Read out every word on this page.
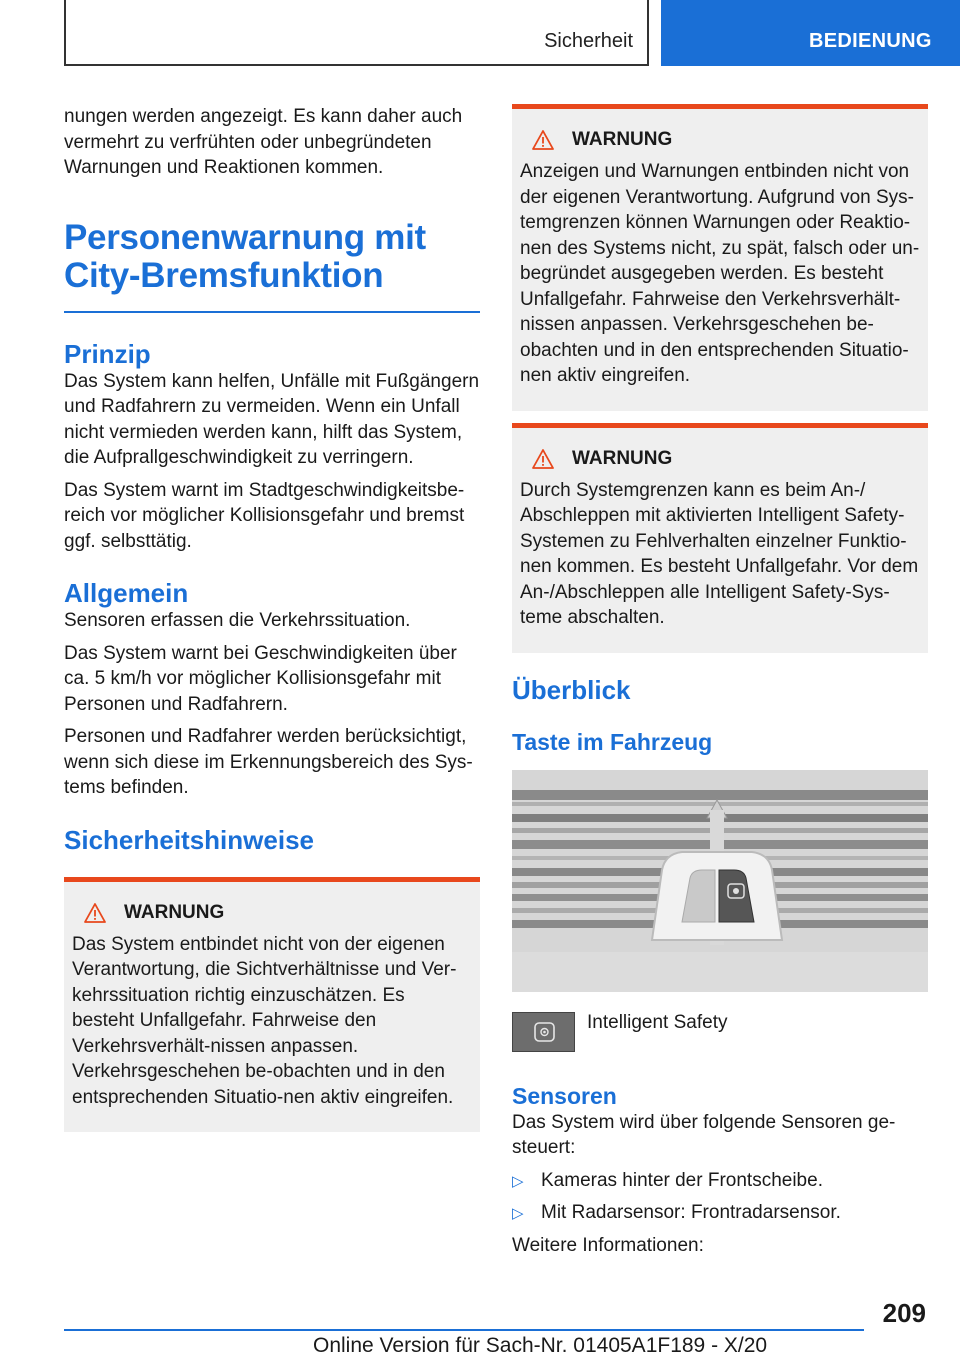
Sicherheit	BEDIENUNG

nungen werden angezeigt. Es kann daher auch vermehrt zu verfrühten oder unbegründeten Warnungen und Reaktionen kommen.

Personenwarnung mit City-Bremsfunktion
Prinzip

Das System kann helfen, Unfälle mit Fußgängern und Radfahrern zu vermeiden. Wenn ein Unfall nicht vermieden werden kann, hilft das System, die Aufprallgeschwindigkeit zu verringern.

Das System warnt im Stadtgeschwindigkeitsbe-reich vor möglicher Kollisionsgefahr und bremst ggf. selbsttätig.

Allgemein

Sensoren erfassen die Verkehrssituation.

Das System warnt bei Geschwindigkeiten über ca. 5 km/h vor möglicher Kollisionsgefahr mit Personen und Radfahrern.

Personen und Radfahrer werden berücksichtigt, wenn sich diese im Erkennungsbereich des Sys-tems befinden.

Sicherheitshinweise
WARNUNG

Das System entbindet nicht von der eigenen Verantwortung, die Sichtverhältnisse und Ver-kehrssituation richtig einzuschätzen. Es besteht Unfallgefahr. Fahrweise den Verkehrsverhält-nissen anpassen. Verkehrsgeschehen be-obachten und in den entsprechenden Situatio-nen aktiv eingreifen.

WARNUNG

Anzeigen und Warnungen entbinden nicht von der eigenen Verantwortung. Aufgrund von Sys-temgrenzen können Warnungen oder Reaktio-nen des Systems nicht, zu spät, falsch oder un-begründet ausgegeben werden. Es besteht Unfallgefahr. Fahrweise den Verkehrsverhält-nissen anpassen. Verkehrsgeschehen be-obachten und in den entsprechenden Situatio-nen aktiv eingreifen.

WARNUNG

Durch Systemgrenzen kann es beim An-/ Abschleppen mit aktivierten Intelligent Safety-Systemen zu Fehlverhalten einzelner Funktio-nen kommen. Es besteht Unfallgefahr. Vor dem An-/Abschleppen alle Intelligent Safety-Sys-teme abschalten.

Überblick
Taste im Fahrzeug
Intelligent Safety
Sensoren

Das System wird über folgende Sensoren ge-steuert:

▷ Kameras hinter der Frontscheibe.
▷ Mit Radarsensor: Frontradarsensor.

Weitere Informationen:

209
Online Version für Sach-Nr. 01405A1F189 - X/20
